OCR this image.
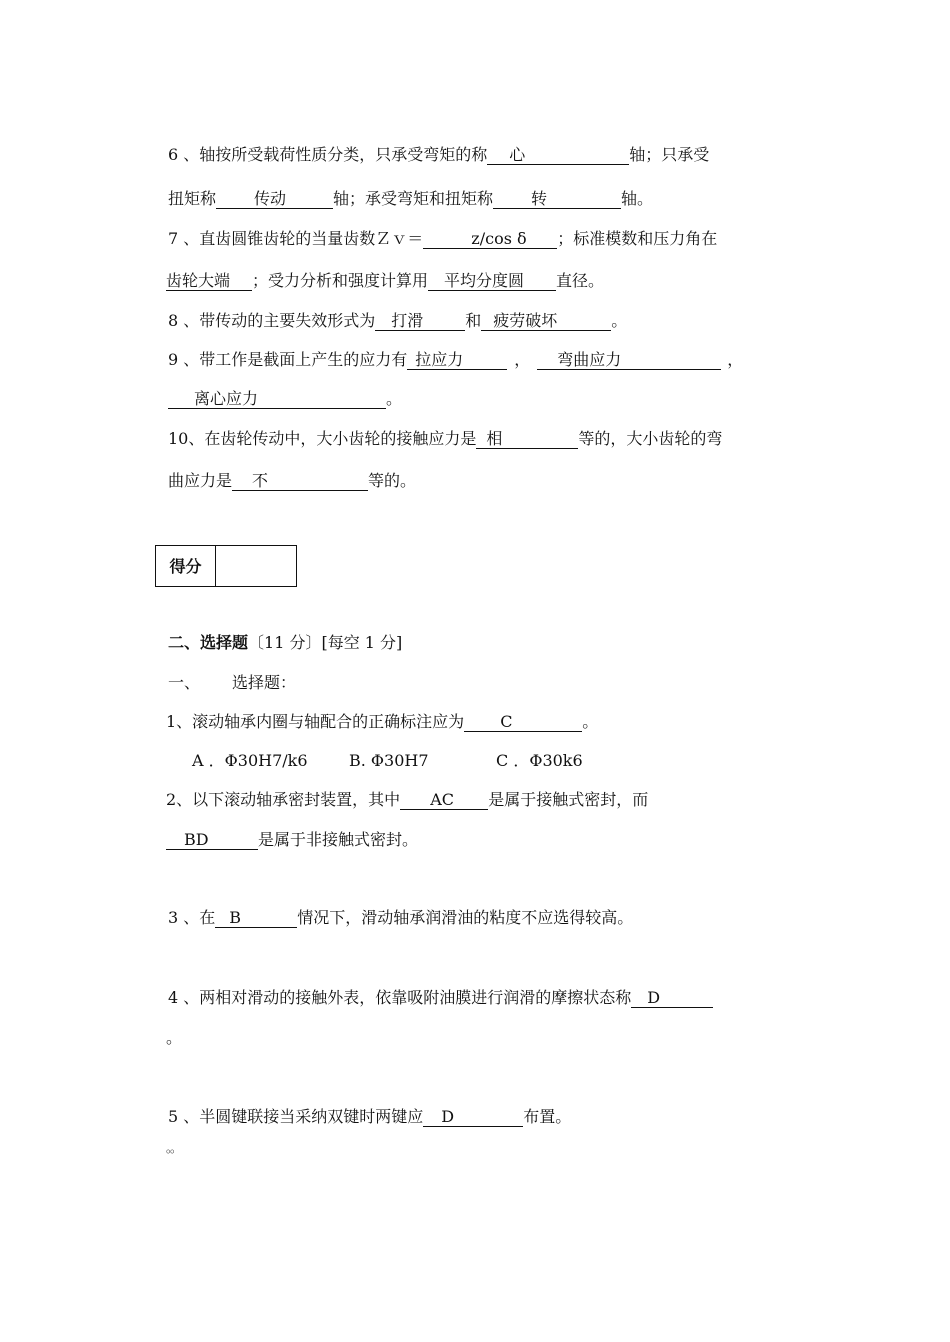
6 、轴按所受载荷性质分类，只承受弯矩的称 心	轴；只承受
扭矩称 传动	轴；承受弯矩和扭矩称 转	轴。
7 、直齿圆锥齿轮的当量齿数Ｚｖ＝	z/cos δ ；标准模数和压力角在
齿轮大端 ；受力分析和强度计算用 平均分度圆 直径。
8 、带传动的主要失效形式为 打滑	和 疲劳破坏	。
9 、带工作是截面上产生的应力有 拉应力	， 弯曲应力	，
离心应力	。
10、在齿轮传动中，大小齿轮的接触应力是 相	等的，大小齿轮的弯
曲应力是 不	等的。
得分
二、选择题〔11 分〕[每空 1 分]
一、 选择题：
1、滚动轴承内圈与轴配合的正确标注应为 C	。
A ．Φ30H7/k6	B. Φ30H7	C ．Φ30k6
2、以下滚动轴承密封装置，其中 AC 是属于接触式密封，而
BD	是属于非接触式密封。
3 、在 B	情况下，滑动轴承润滑油的粘度不应选得较高。
4 、两相对滑动的接触外表，依靠吸附油膜进行润滑的摩擦状态称 D
。
5 、半圆键联接当采纳双键时两键应 D	布置。
。。
